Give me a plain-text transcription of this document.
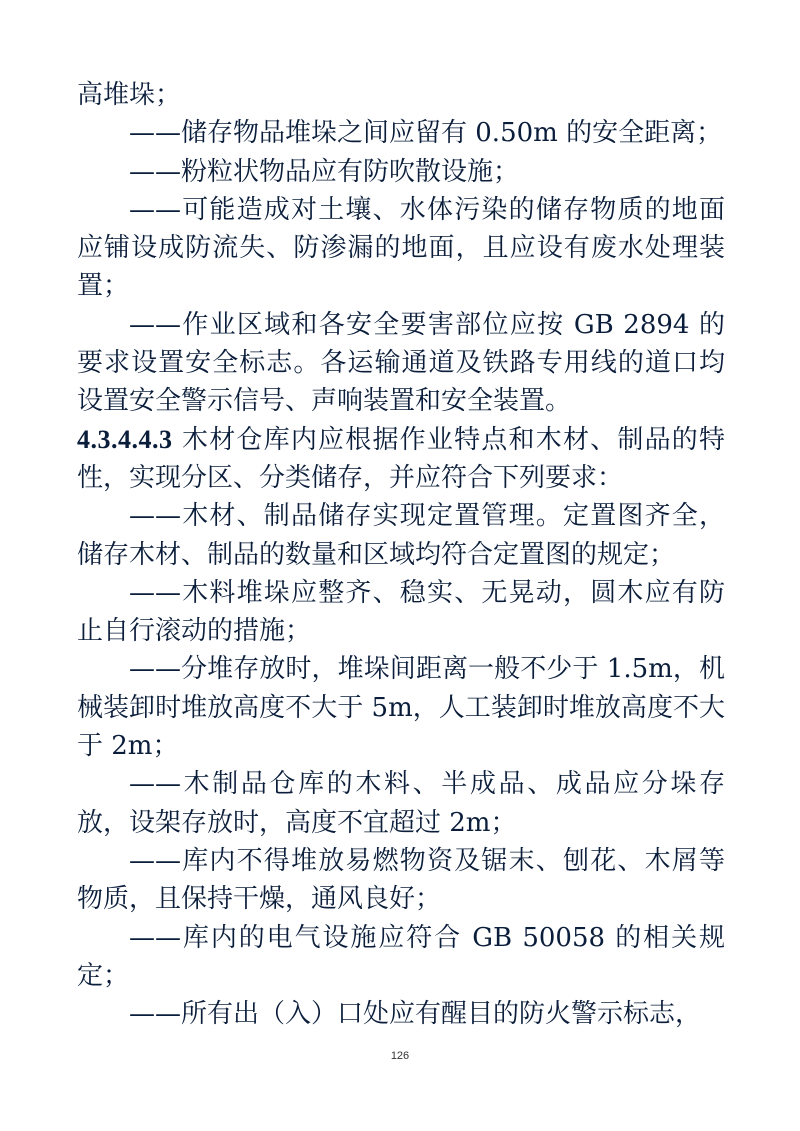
高堆垛；

——储存物品堆垛之间应留有 0.50m 的安全距离；

——粉粒状物品应有防吹散设施；

——可能造成对土壤、水体污染的储存物质的地面应铺设成防流失、防渗漏的地面，且应设有废水处理装置；

——作业区域和各安全要害部位应按 GB 2894 的要求设置安全标志。各运输通道及铁路专用线的道口均设置安全警示信号、声响装置和安全装置。

4.3.4.4.3 木材仓库内应根据作业特点和木材、制品的特性，实现分区、分类储存，并应符合下列要求：

——木材、制品储存实现定置管理。定置图齐全，储存木材、制品的数量和区域均符合定置图的规定；

——木料堆垛应整齐、稳实、无晃动，圆木应有防止自行滚动的措施；

——分堆存放时，堆垛间距离一般不少于 1.5m，机械装卸时堆放高度不大于 5m，人工装卸时堆放高度不大于 2m；

——木制品仓库的木料、半成品、成品应分垛存放，设架存放时，高度不宜超过 2m；

——库内不得堆放易燃物资及锯末、刨花、木屑等物质，且保持干燥，通风良好；

——库内的电气设施应符合 GB 50058 的相关规定；

——所有出（入）口处应有醒目的防火警示标志，

126
